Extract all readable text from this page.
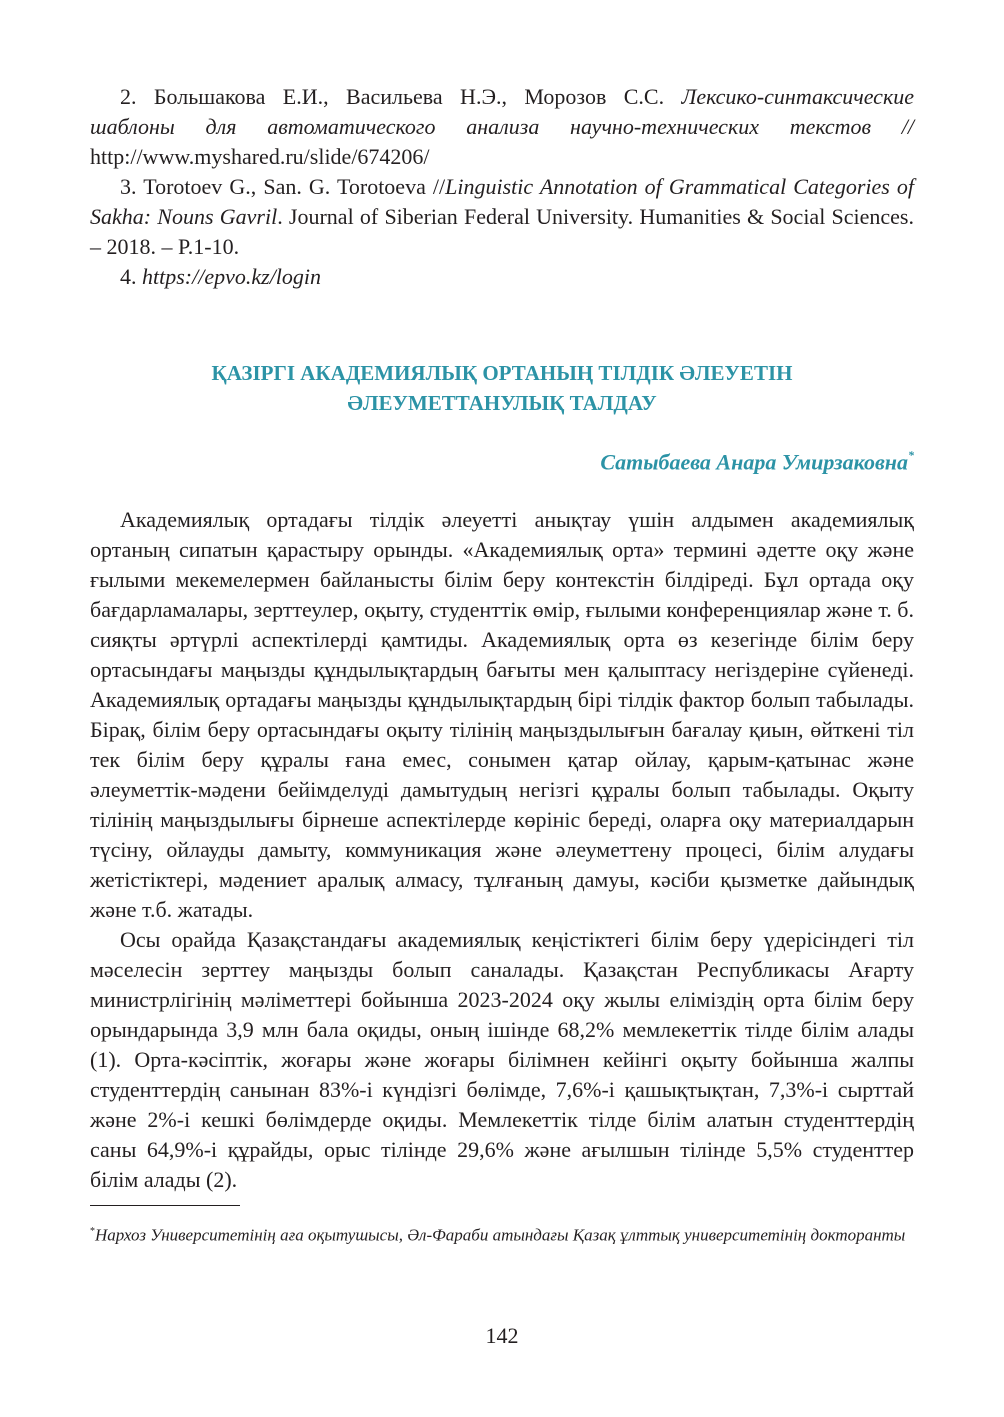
2. Большакова Е.И., Васильева Н.Э., Морозов С.С. Лексико-синтаксические шаблоны для автоматического анализа научно-технических текстов // http://www.myshared.ru/slide/674206/

3. Torotoev G., San. G. Torotoeva //Linguistic Annotation of Grammatical Categories of Sakha: Nouns Gavril. Journal of Siberian Federal University. Humanities & Social Sciences. – 2018. – P.1-10.

4. https://epvo.kz/login

ҚАЗІРГІ АКАДЕМИЯЛЫҚ ОРТАНЫҢ ТІЛДІК ӘЛЕУЕТІН
ӘЛЕУМЕТТАНУЛЫҚ ТАЛДАУ
Сатыбаева Анара Умирзаковна*

Академиялық ортадағы тілдік әлеуетті анықтау үшін алдымен академиялық ортаның сипатын қарастыру орынды. «Академиялық орта» термині әдетте оқу және ғылыми мекемелермен байланысты білім беру контекстін білдіреді. Бұл ортада оқу бағдарламалары, зерттеулер, оқыту, студенттік өмір, ғылыми конференциялар және т. б. сияқты әртүрлі аспектілерді қамтиды. Академиялық орта өз кезегінде білім беру ортасындағы маңызды құндылықтардың бағыты мен қалыптасу негіздеріне сүйенеді. Академиялық ортадағы маңызды құндылықтардың бірі тілдік фактор болып табылады. Бірақ, білім беру ортасындағы оқыту тілінің маңыздылығын бағалау қиын, өйткені тіл тек білім беру құралы ғана емес, сонымен қатар ойлау, қарым-қатынас және әлеуметтік-мәдени бейімделуді дамытудың негізгі құралы болып табылады. Оқыту тілінің маңыздылығы бірнеше аспектілерде көрініс береді, оларға оқу материалдарын түсіну, ойлауды дамыту, коммуникация және әлеуметтену процесі, білім алудағы жетістіктері, мәдениет аралық алмасу, тұлғаның дамуы, кәсіби қызметке дайындық және т.б. жатады.

Осы орайда Қазақстандағы академиялық кеңістіктегі білім беру үдерісіндегі тіл мәселесін зерттеу маңызды болып саналады. Қазақстан Республикасы Ағарту министрлігінің мәліметтері бойынша 2023-2024 оқу жылы еліміздің орта білім беру орындарында 3,9 млн бала оқиды, оның ішінде 68,2% мемлекеттік тілде білім алады (1). Орта-кәсіптік, жоғары және жоғары білімнен кейінгі оқыту бойынша жалпы студенттердің санынан 83%-і күндізгі бөлімде, 7,6%-і қашықтықтан, 7,3%-і сырттай және 2%-і кешкі бөлімдерде оқиды. Мемлекеттік тілде білім алатын студенттердің саны 64,9%-і құрайды, орыс тілінде 29,6% және ағылшын тілінде 5,5% студенттер білім алады (2).

*Нархоз Университетінің аға оқытушысы, Әл-Фараби атындағы Қазақ ұлттық университетінің докторанты

142
